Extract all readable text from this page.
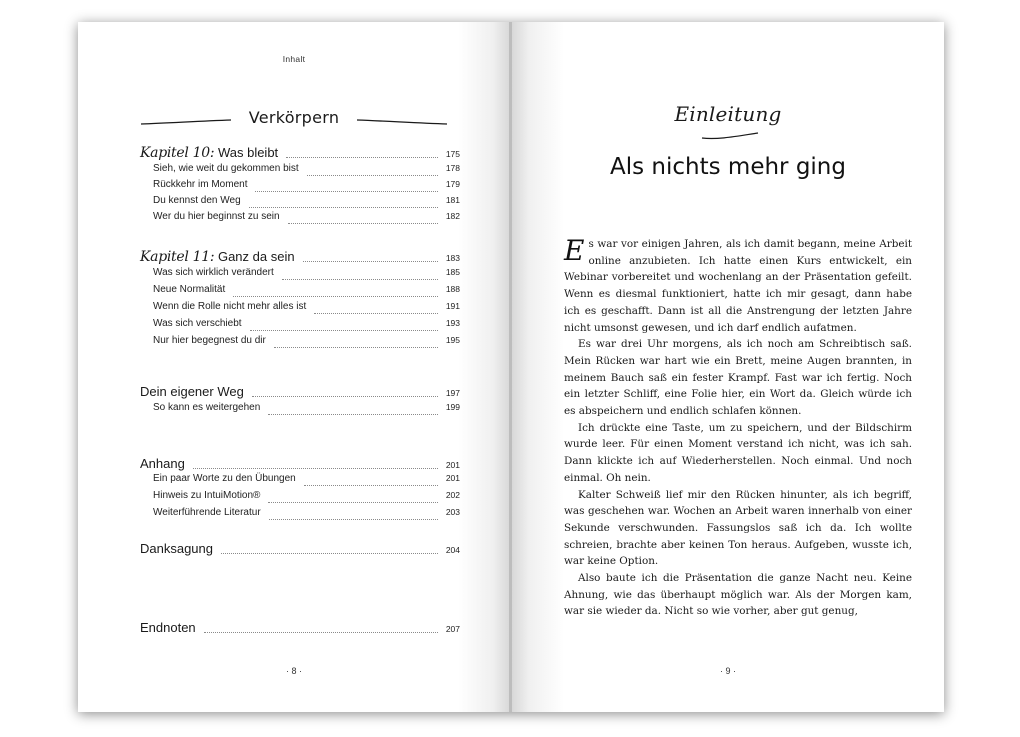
Inhalt
Verkörpern
Kapitel 10: Was bleibt	175
Sieh, wie weit du gekommen bist	178
Rückkehr im Moment	179
Du kennst den Weg	181
Wer du hier beginnst zu sein	182
Kapitel 11: Ganz da sein	183
Was sich wirklich verändert	185
Neue Normalität	188
Wenn die Rolle nicht mehr alles ist	191
Was sich verschiebt	193
Nur hier begegnest du dir	195
Dein eigener Weg	197
So kann es weitergehen	199
Anhang	201
Ein paar Worte zu den Übungen	201
Hinweis zu IntuiMotion®	202
Weiterführende Literatur	203
Danksagung	204
Endnoten	207
· 8 ·
Einleitung
Als nichts mehr ging

Es war vor einigen Jahren, als ich damit begann, meine Arbeit online anzubieten. Ich hatte einen Kurs entwickelt, ein Webinar vorbereitet und wochenlang an der Präsentation gefeilt. Wenn es diesmal funktioniert, hatte ich mir gesagt, dann habe ich es geschafft. Dann ist all die Anstrengung der letzten Jahre nicht umsonst gewesen, und ich darf endlich aufatmen.

Es war drei Uhr morgens, als ich noch am Schreibtisch saß. Mein Rücken war hart wie ein Brett, meine Augen brannten, in meinem Bauch saß ein fester Krampf. Fast war ich fertig. Noch ein letzter Schliff, eine Folie hier, ein Wort da. Gleich würde ich es abspeichern und endlich schlafen können.

Ich drückte eine Taste, um zu speichern, und der Bildschirm wurde leer. Für einen Moment verstand ich nicht, was ich sah. Dann klickte ich auf Wiederherstellen. Noch einmal. Und noch einmal. Oh nein.

Kalter Schweiß lief mir den Rücken hinunter, als ich begriff, was geschehen war. Wochen an Arbeit waren innerhalb von einer Sekunde verschwunden. Fassungslos saß ich da. Ich wollte schreien, brachte aber keinen Ton heraus. Aufgeben, wusste ich, war keine Option.

Also baute ich die Präsentation die ganze Nacht neu. Keine Ahnung, wie das überhaupt möglich war. Als der Morgen kam, war sie wieder da. Nicht so wie vorher, aber gut genug,

· 9 ·
